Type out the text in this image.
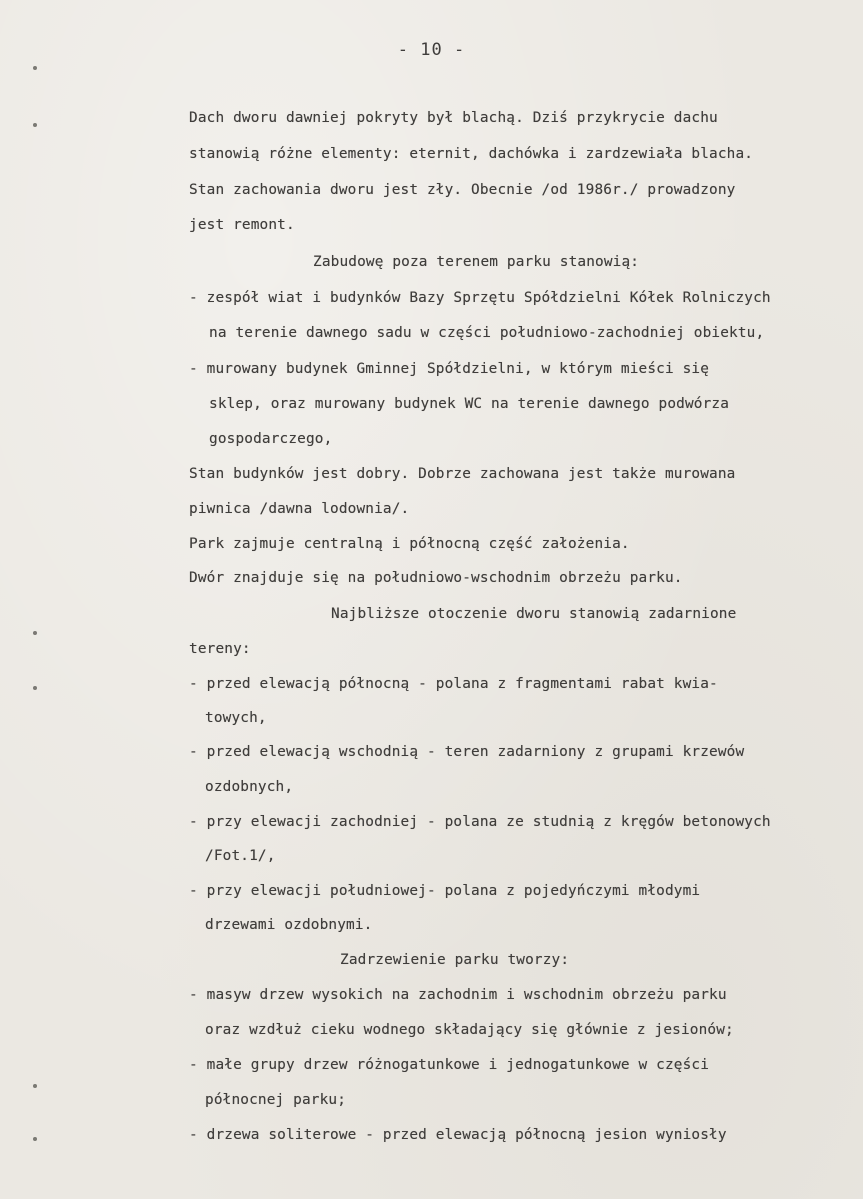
- 10 -
Dach dworu dawniej pokryty był blachą. Dziś przykrycie dachu
stanowią różne elementy: eternit, dachówka i zardzewiała blacha.
Stan zachowania dworu jest zły. Obecnie /od 1986r./ prowadzony
jest remont.
Zabudowę poza terenem parku stanowią:
- zespół wiat i budynków Bazy Sprzętu Spółdzielni Kółek Rolniczych
na terenie dawnego sadu w części południowo-zachodniej obiektu,
- murowany budynek Gminnej Spółdzielni, w którym mieści się
sklep, oraz murowany budynek WC na terenie dawnego podwórza
gospodarczego,
Stan budynków jest dobry. Dobrze zachowana jest także murowana
piwnica /dawna lodownia/.
Park zajmuje centralną i północną część założenia.
Dwór znajduje się na południowo-wschodnim obrzeżu parku.
Najbliższe otoczenie dworu stanowią zadarnione
tereny:
- przed elewacją północną - polana z fragmentami rabat kwia-
towych,
- przed elewacją wschodnią - teren zadarniony z grupami krzewów
ozdobnych,
- przy elewacji zachodniej - polana ze studnią z kręgów betonowych
/Fot.1/,
- przy elewacji południowej- polana z pojedyńczymi młodymi
drzewami ozdobnymi.
Zadrzewienie parku tworzy:
- masyw drzew wysokich na zachodnim i wschodnim obrzeżu parku
oraz wzdłuż cieku wodnego składający się głównie z jesionów;
- małe grupy drzew różnogatunkowe i jednogatunkowe w części
północnej parku;
- drzewa soliterowe - przed elewacją północną jesion wyniosły
